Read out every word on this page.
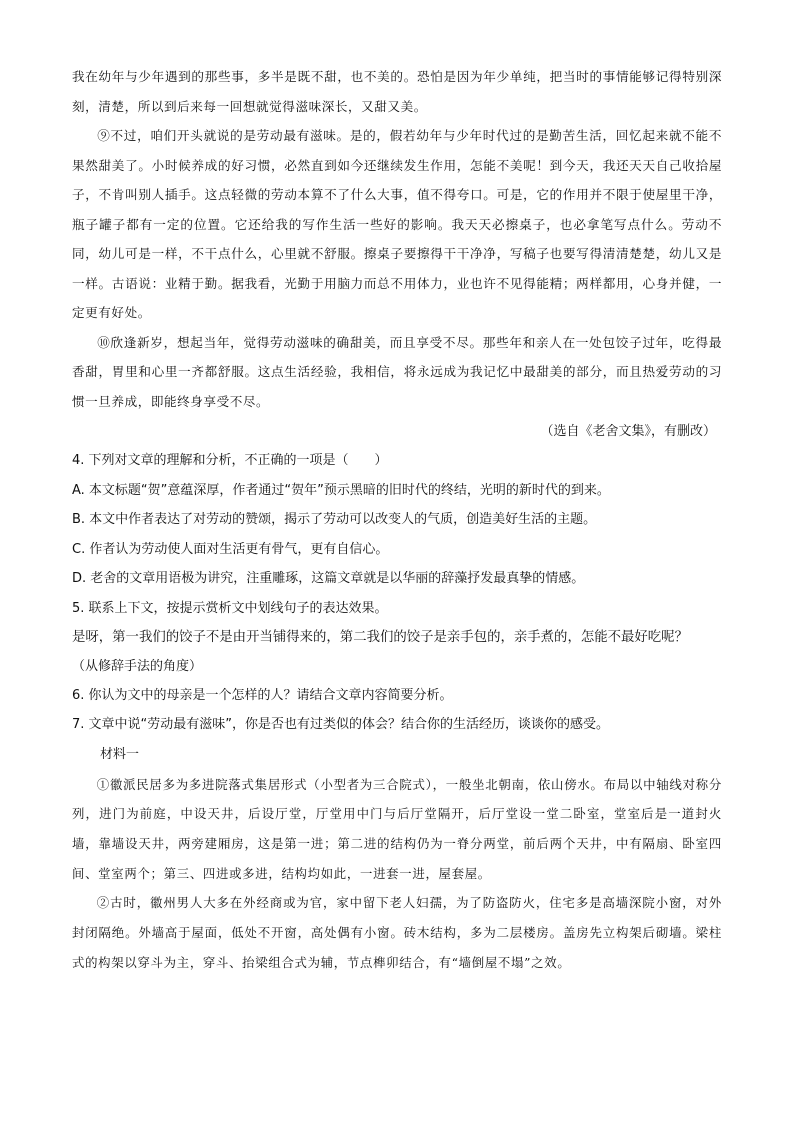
我在幼年与少年遇到的那些事，多半是既不甜，也不美的。恐怕是因为年少单纯，把当时的事情能够记得特别深刻，清楚，所以到后来每一回想就觉得滋味深长，又甜又美。

⑨不过，咱们开头就说的是劳动最有滋味。是的，假若幼年与少年时代过的是勤苦生活，回忆起来就不能不果然甜美了。小时候养成的好习惯，必然直到如今还继续发生作用，怎能不美呢！到今天，我还天天自己收拾屋子，不肯叫别人插手。这点轻微的劳动本算不了什么大事，值不得夸口。可是，它的作用并不限于使屋里干净，瓶子罐子都有一定的位置。它还给我的写作生活一些好的影响。我天天必擦桌子，也必拿笔写点什么。劳动不同，幼儿可是一样，不干点什么，心里就不舒服。擦桌子要擦得干干净净，写稿子也要写得清清楚楚，幼儿又是一样。古语说：业精于勤。据我看，光勤于用脑力而总不用体力，业也许不见得能精；两样都用，心身并健，一定更有好处。

⑩欣逢新岁，想起当年，觉得劳动滋味的确甜美，而且享受不尽。那些年和亲人在一处包饺子过年，吃得最香甜，胃里和心里一齐都舒服。这点生活经验，我相信，将永远成为我记忆中最甜美的部分，而且热爱劳动的习惯一旦养成，即能终身享受不尽。

（选自《老舍文集》，有删改）

4. 下列对文章的理解和分析，不正确的一项是（　　）

A. 本文标题“贺”意蕴深厚，作者通过“贺年”预示黑暗的旧时代的终结，光明的新时代的到来。

B. 本文中作者表达了对劳动的赞颂，揭示了劳动可以改变人的气质，创造美好生活的主题。

C. 作者认为劳动使人面对生活更有骨气，更有自信心。

D. 老舍的文章用语极为讲究，注重雕琢，这篇文章就是以华丽的辞藻抒发最真挚的情感。

5. 联系上下文，按提示赏析文中划线句子的表达效果。

是呀，第一我们的饺子不是由开当铺得来的，第二我们的饺子是亲手包的，亲手煮的，怎能不最好吃呢？

（从修辞手法的角度）

6. 你认为文中的母亲是一个怎样的人？请结合文章内容简要分析。

7. 文章中说“劳动最有滋味”，你是否也有过类似的体会？结合你的生活经历，谈谈你的感受。

材料一

①徽派民居多为多进院落式集居形式（小型者为三合院式），一般坐北朝南，依山傍水。布局以中轴线对称分列，进门为前庭，中设天井，后设厅堂，厅堂用中门与后厅堂隔开，后厅堂设一堂二卧室，堂室后是一道封火墙，靠墙设天井，两旁建厢房，这是第一进；第二进的结构仍为一脊分两堂，前后两个天井，中有隔扇、卧室四间、堂室两个；第三、四进或多进，结构均如此，一进套一进，屋套屋。

②古时，徽州男人大多在外经商或为官，家中留下老人妇孺，为了防盗防火，住宅多是高墙深院小窗，对外封闭隔绝。外墙高于屋面，低处不开窗，高处偶有小窗。砖木结构，多为二层楼房。盖房先立构架后砌墙。梁柱式的构架以穿斗为主，穿斗、抬梁组合式为辅，节点榫卯结合，有“墙倒屋不塌”之效。
